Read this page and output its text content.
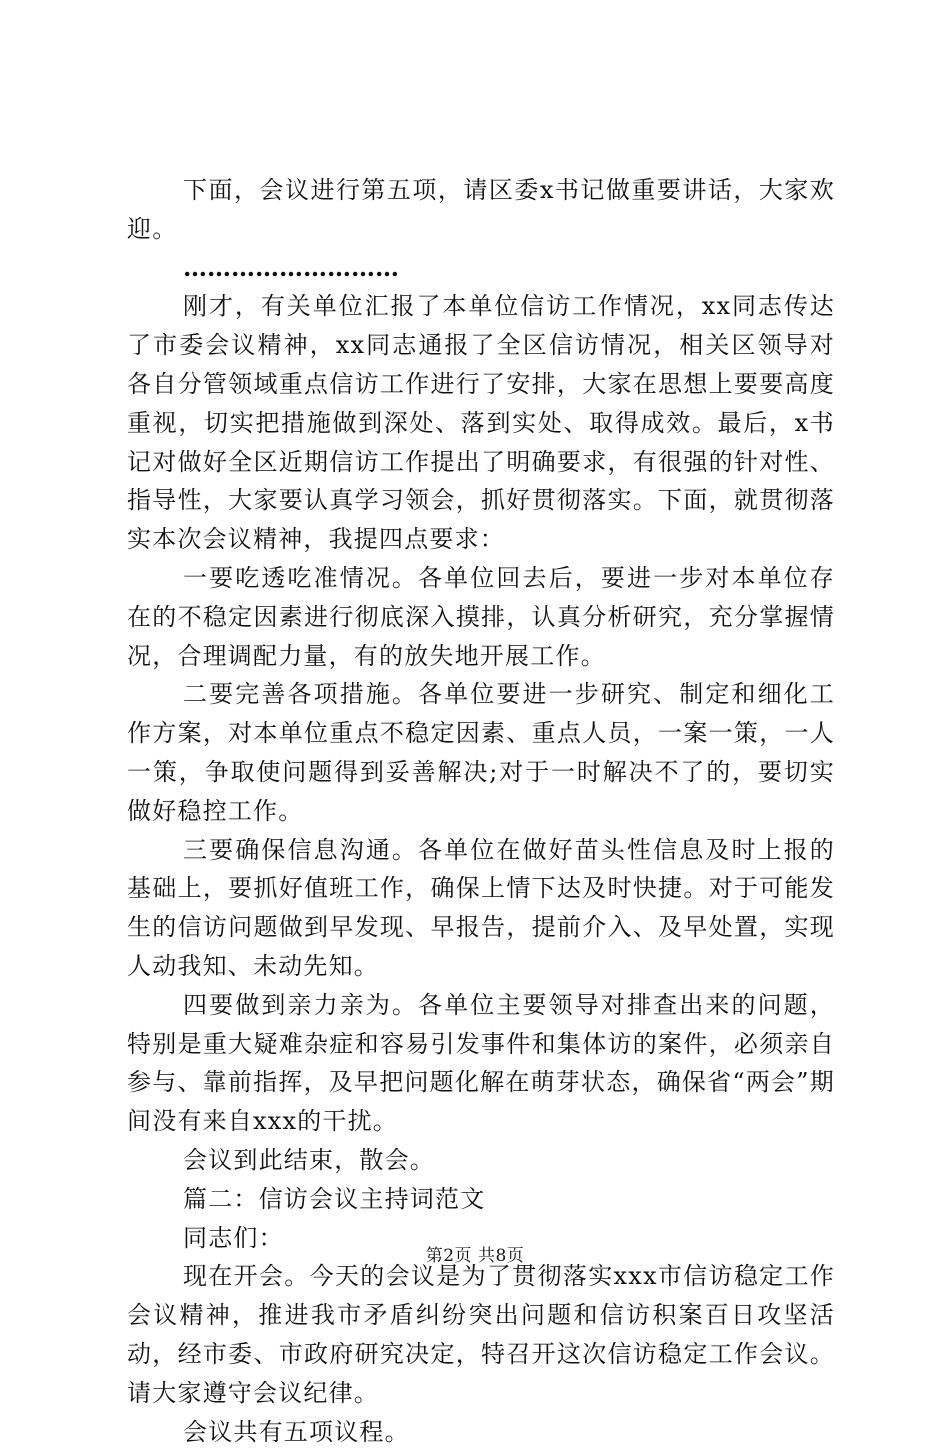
下面，会议进行第五项，请区委x书记做重要讲话，大家欢迎。

………………………

刚才，有关单位汇报了本单位信访工作情况，xx同志传达了市委会议精神，xx同志通报了全区信访情况，相关区领导对各自分管领域重点信访工作进行了安排，大家在思想上要要高度重视，切实把措施做到深处、落到实处、取得成效。最后，x书记对做好全区近期信访工作提出了明确要求，有很强的针对性、指导性，大家要认真学习领会，抓好贯彻落实。下面，就贯彻落实本次会议精神，我提四点要求：

一要吃透吃准情况。各单位回去后，要进一步对本单位存在的不稳定因素进行彻底深入摸排，认真分析研究，充分掌握情况，合理调配力量，有的放失地开展工作。

二要完善各项措施。各单位要进一步研究、制定和细化工作方案，对本单位重点不稳定因素、重点人员，一案一策，一人一策，争取使问题得到妥善解决;对于一时解决不了的，要切实做好稳控工作。

三要确保信息沟通。各单位在做好苗头性信息及时上报的基础上，要抓好值班工作，确保上情下达及时快捷。对于可能发生的信访问题做到早发现、早报告，提前介入、及早处置，实现人动我知、未动先知。

四要做到亲力亲为。各单位主要领导对排查出来的问题，特别是重大疑难杂症和容易引发事件和集体访的案件，必须亲自参与、靠前指挥，及早把问题化解在萌芽状态，确保省“两会”期间没有来自xxx的干扰。

会议到此结束，散会。

篇二：信访会议主持词范文

同志们：

现在开会。今天的会议是为了贯彻落实xxx市信访稳定工作会议精神，推进我市矛盾纠纷突出问题和信访积案百日攻坚活动，经市委、市政府研究决定，特召开这次信访稳定工作会议。请大家遵守会议纪律。

会议共有五项议程。

第2页 共8页
